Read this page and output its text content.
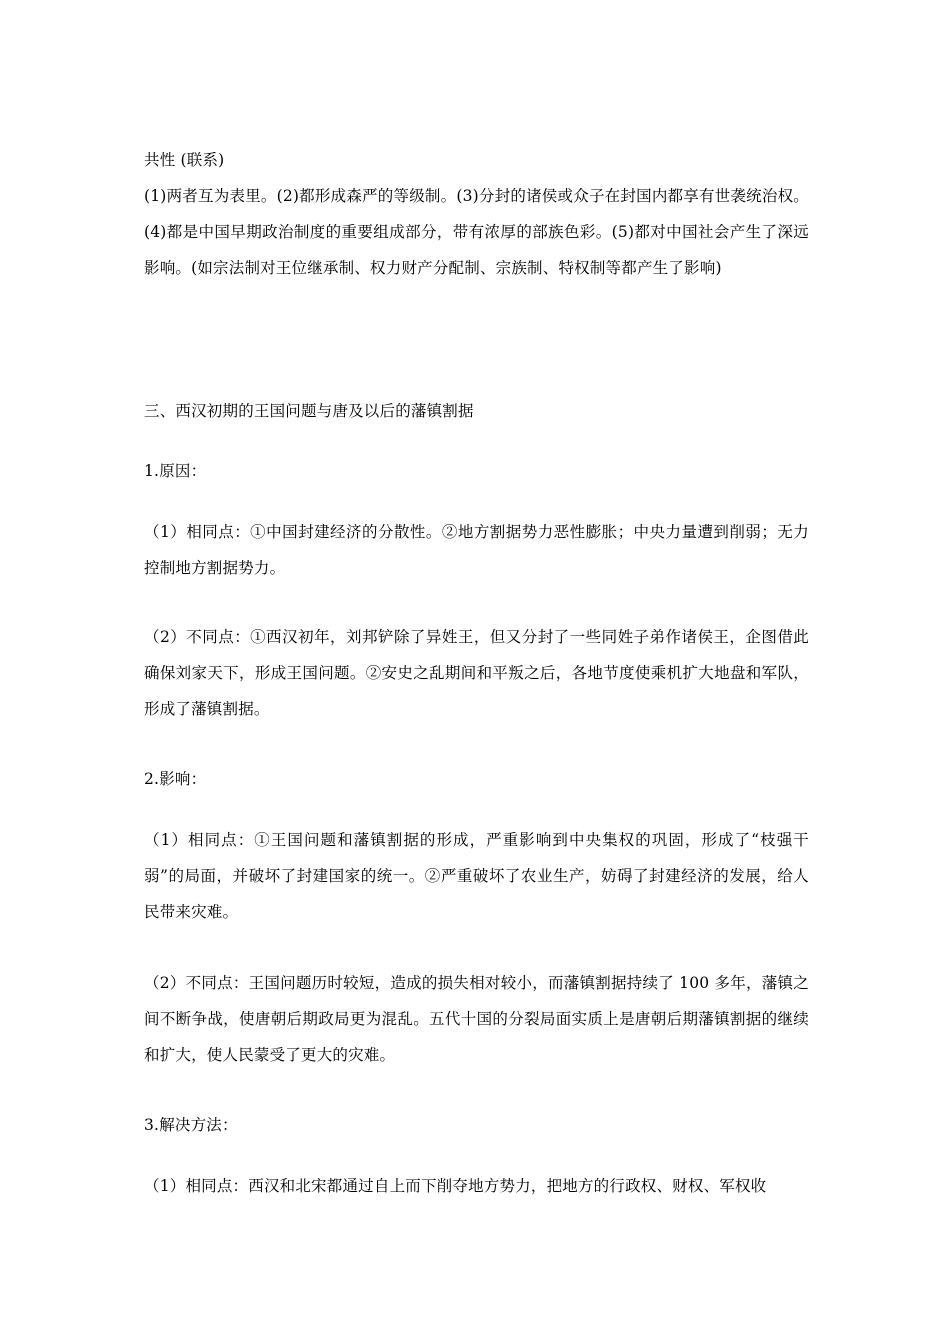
共性 (联系)

(1)两者互为表里。(2)都形成森严的等级制。(3)分封的诸侯或众子在封国内都享有世袭统治权。(4)都是中国早期政治制度的重要组成部分，带有浓厚的部族色彩。(5)都对中国社会产生了深远影响。(如宗法制对王位继承制、权力财产分配制、宗族制、特权制等都产生了影响)

三、西汉初期的王国问题与唐及以后的藩镇割据

1.原因：

（1）相同点：①中国封建经济的分散性。②地方割据势力恶性膨胀；中央力量遭到削弱；无力控制地方割据势力。

（2）不同点：①西汉初年，刘邦铲除了异姓王，但又分封了一些同姓子弟作诸侯王，企图借此确保刘家天下，形成王国问题。②安史之乱期间和平叛之后，各地节度使乘机扩大地盘和军队，形成了藩镇割据。

2.影响：

（1）相同点：①王国问题和藩镇割据的形成，严重影响到中央集权的巩固，形成了“枝强干弱”的局面，并破坏了封建国家的统一。②严重破坏了农业生产，妨碍了封建经济的发展，给人民带来灾难。

（2）不同点：王国问题历时较短，造成的损失相对较小，而藩镇割据持续了 100 多年，藩镇之间不断争战，使唐朝后期政局更为混乱。五代十国的分裂局面实质上是唐朝后期藩镇割据的继续和扩大，使人民蒙受了更大的灾难。

3.解决方法：

（1）相同点：西汉和北宋都通过自上而下削夺地方势力，把地方的行政权、财权、军权收
